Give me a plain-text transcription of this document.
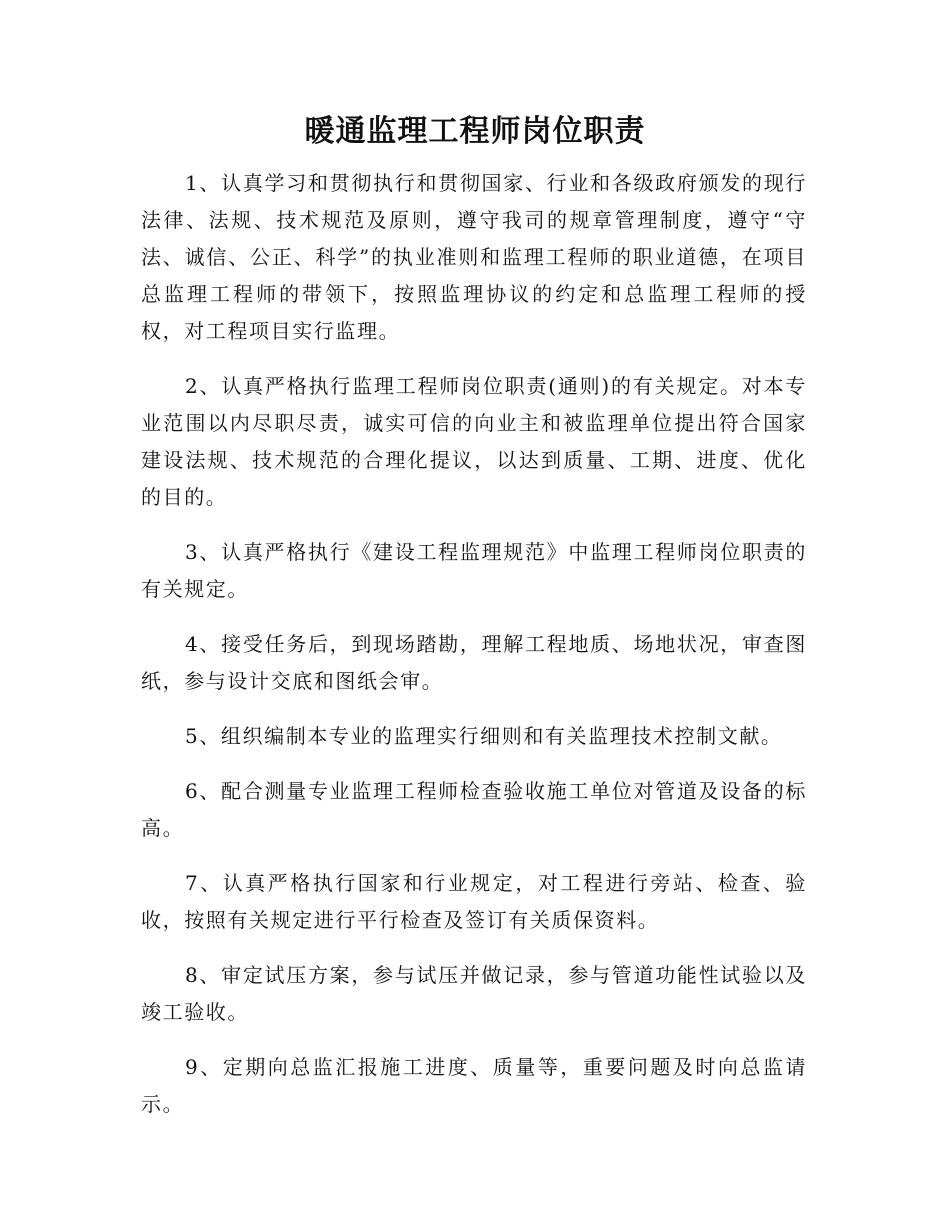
暖通监理工程师岗位职责

1、认真学习和贯彻执行和贯彻国家、行业和各级政府颁发的现行法律、法规、技术规范及原则，遵守我司的规章管理制度，遵守“守法、诚信、公正、科学”的执业准则和监理工程师的职业道德，在项目总监理工程师的带领下，按照监理协议的约定和总监理工程师的授权，对工程项目实行监理。

2、认真严格执行监理工程师岗位职责(通则)的有关规定。对本专业范围以内尽职尽责，诚实可信的向业主和被监理单位提出符合国家建设法规、技术规范的合理化提议，以达到质量、工期、进度、优化的目的。

3、认真严格执行《建设工程监理规范》中监理工程师岗位职责的有关规定。

4、接受任务后，到现场踏勘，理解工程地质、场地状况，审查图纸，参与设计交底和图纸会审。

5、组织编制本专业的监理实行细则和有关监理技术控制文献。

6、配合测量专业监理工程师检查验收施工单位对管道及设备的标高。

7、认真严格执行国家和行业规定，对工程进行旁站、检查、验收，按照有关规定进行平行检查及签订有关质保资料。

8、审定试压方案，参与试压并做记录，参与管道功能性试验以及竣工验收。

9、定期向总监汇报施工进度、质量等，重要问题及时向总监请示。
